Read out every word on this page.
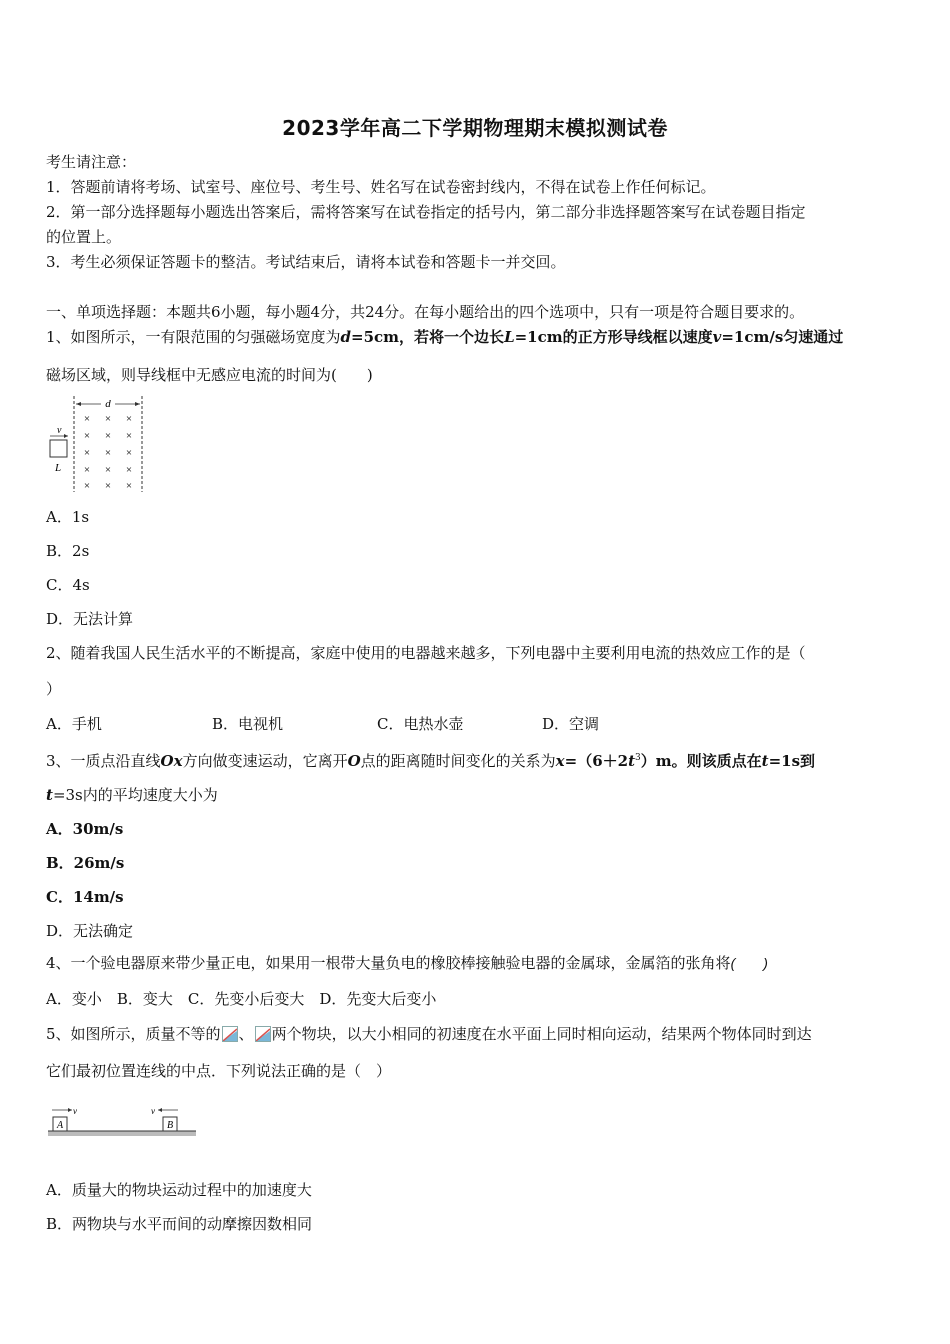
2023学年高二下学期物理期末模拟测试卷
考生请注意：
1．答题前请将考场、试室号、座位号、考生号、姓名写在试卷密封线内，不得在试卷上作任何标记。
2．第一部分选择题每小题选出答案后，需将答案写在试卷指定的括号内，第二部分非选择题答案写在试卷题目指定
的位置上。
3．考生必须保证答题卡的整洁。考试结束后，请将本试卷和答题卡一并交回。
一、单项选择题：本题共6小题，每小题4分，共24分。在每小题给出的四个选项中，只有一项是符合题目要求的。
1、如图所示，一有限范围的匀强磁场宽度为d=5cm，若将一个边长L=1cm的正方形导线框以速度v=1cm/s匀速通过
磁场区域，则导线框中无感应电流的时间为(　　)
d
× × ×
× × ×
× × ×
× × ×
× × ×
v
L
A．1s
B．2s
C．4s
D．无法计算
2、随着我国人民生活水平的不断提高，家庭中使用的电器越来越多，下列电器中主要利用电流的热效应工作的是（
）
A．手机	B．电视机	C．电热水壶	D．空调
3、一质点沿直线Ox方向做变速运动，它离开O点的距离随时间变化的关系为$x=(6+2t^3)m$。则该质点在t=1s到
t=3s内的平均速度大小为
A．30m/s
B．26m/s
C．14m/s
D．无法确定
4、一个验电器原来带少量正电，如果用一根带大量负电的橡胶棒接触验电器的金属球，金属箔的张角将(　　)
A．变小　B．变大　C．先变小后变大　D．先变大后变小
5、如图所示，质量不等的 、 两个物块，以大小相同的初速度在水平面上同时相向运动，结果两个物体同时到达
它们最初位置连线的中点．下列说法正确的是（　）
v
A
v
B
A．质量大的物块运动过程中的加速度大
B．两物块与水平而间的动摩擦因数相同
